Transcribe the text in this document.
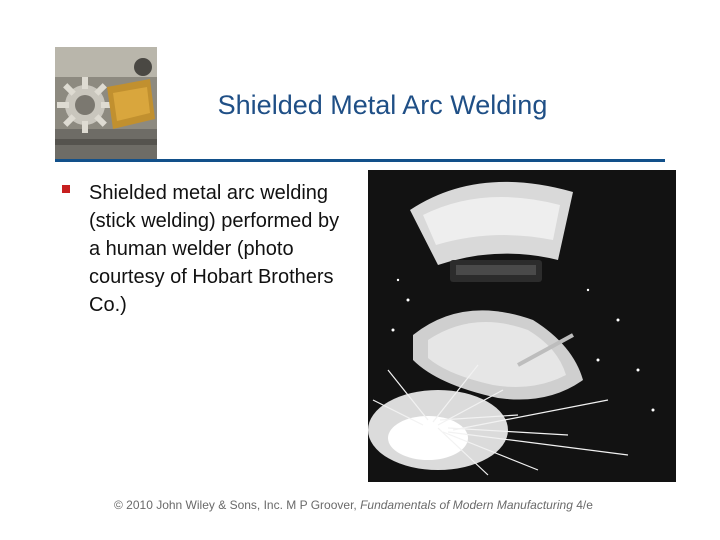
Shielded Metal Arc Welding
Shielded metal arc welding (stick welding) performed by a human welder (photo courtesy of Hobart Brothers Co.)
© 2010 John Wiley & Sons, Inc. M P Groover, Fundamentals of Modern Manufacturing 4/e
